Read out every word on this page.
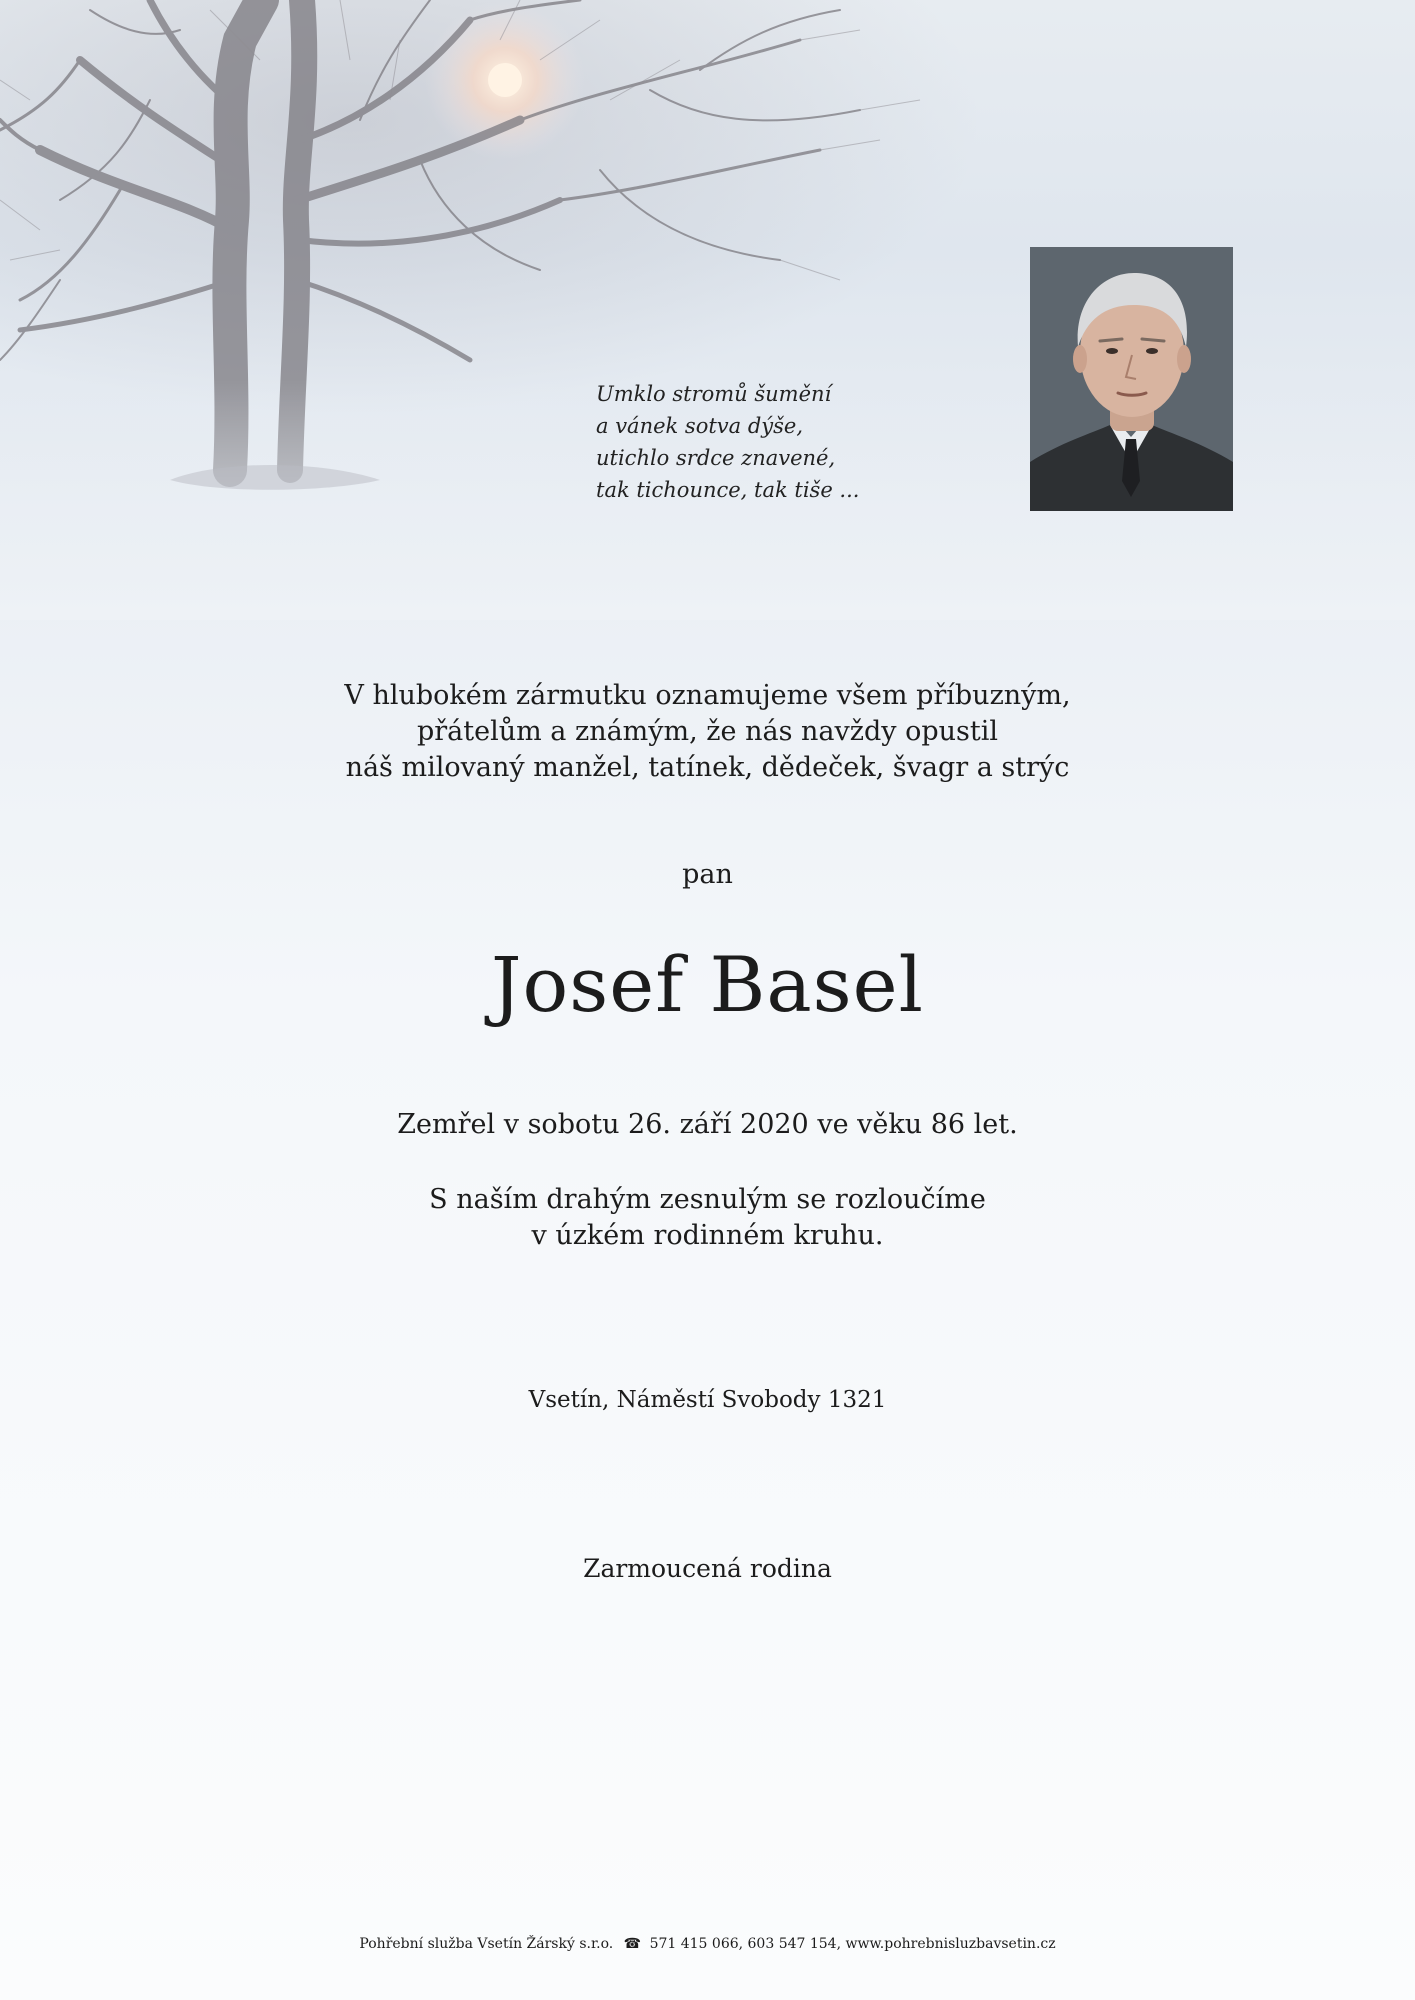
Umklo stromů šumění
a vánek sotva dýše,
utichlo srdce znavené,
tak tichounce, tak tiše ...
V hlubokém zármutku oznamujeme všem příbuzným,
přátelům a známým, že nás navždy opustil
náš milovaný manžel, tatínek, dědeček, švagr a strýc
pan
Josef Basel
Zemřel v sobotu 26. září 2020 ve věku 86 let.
S naším drahým zesnulým se rozloučíme
v úzkém rodinném kruhu.
Vsetín, Náměstí Svobody 1321
Zarmoucená rodina
Pohřební služba Vsetín Žárský s.r.o. ☎ 571 415 066, 603 547 154, www.pohrebnisluzbavsetin.cz
